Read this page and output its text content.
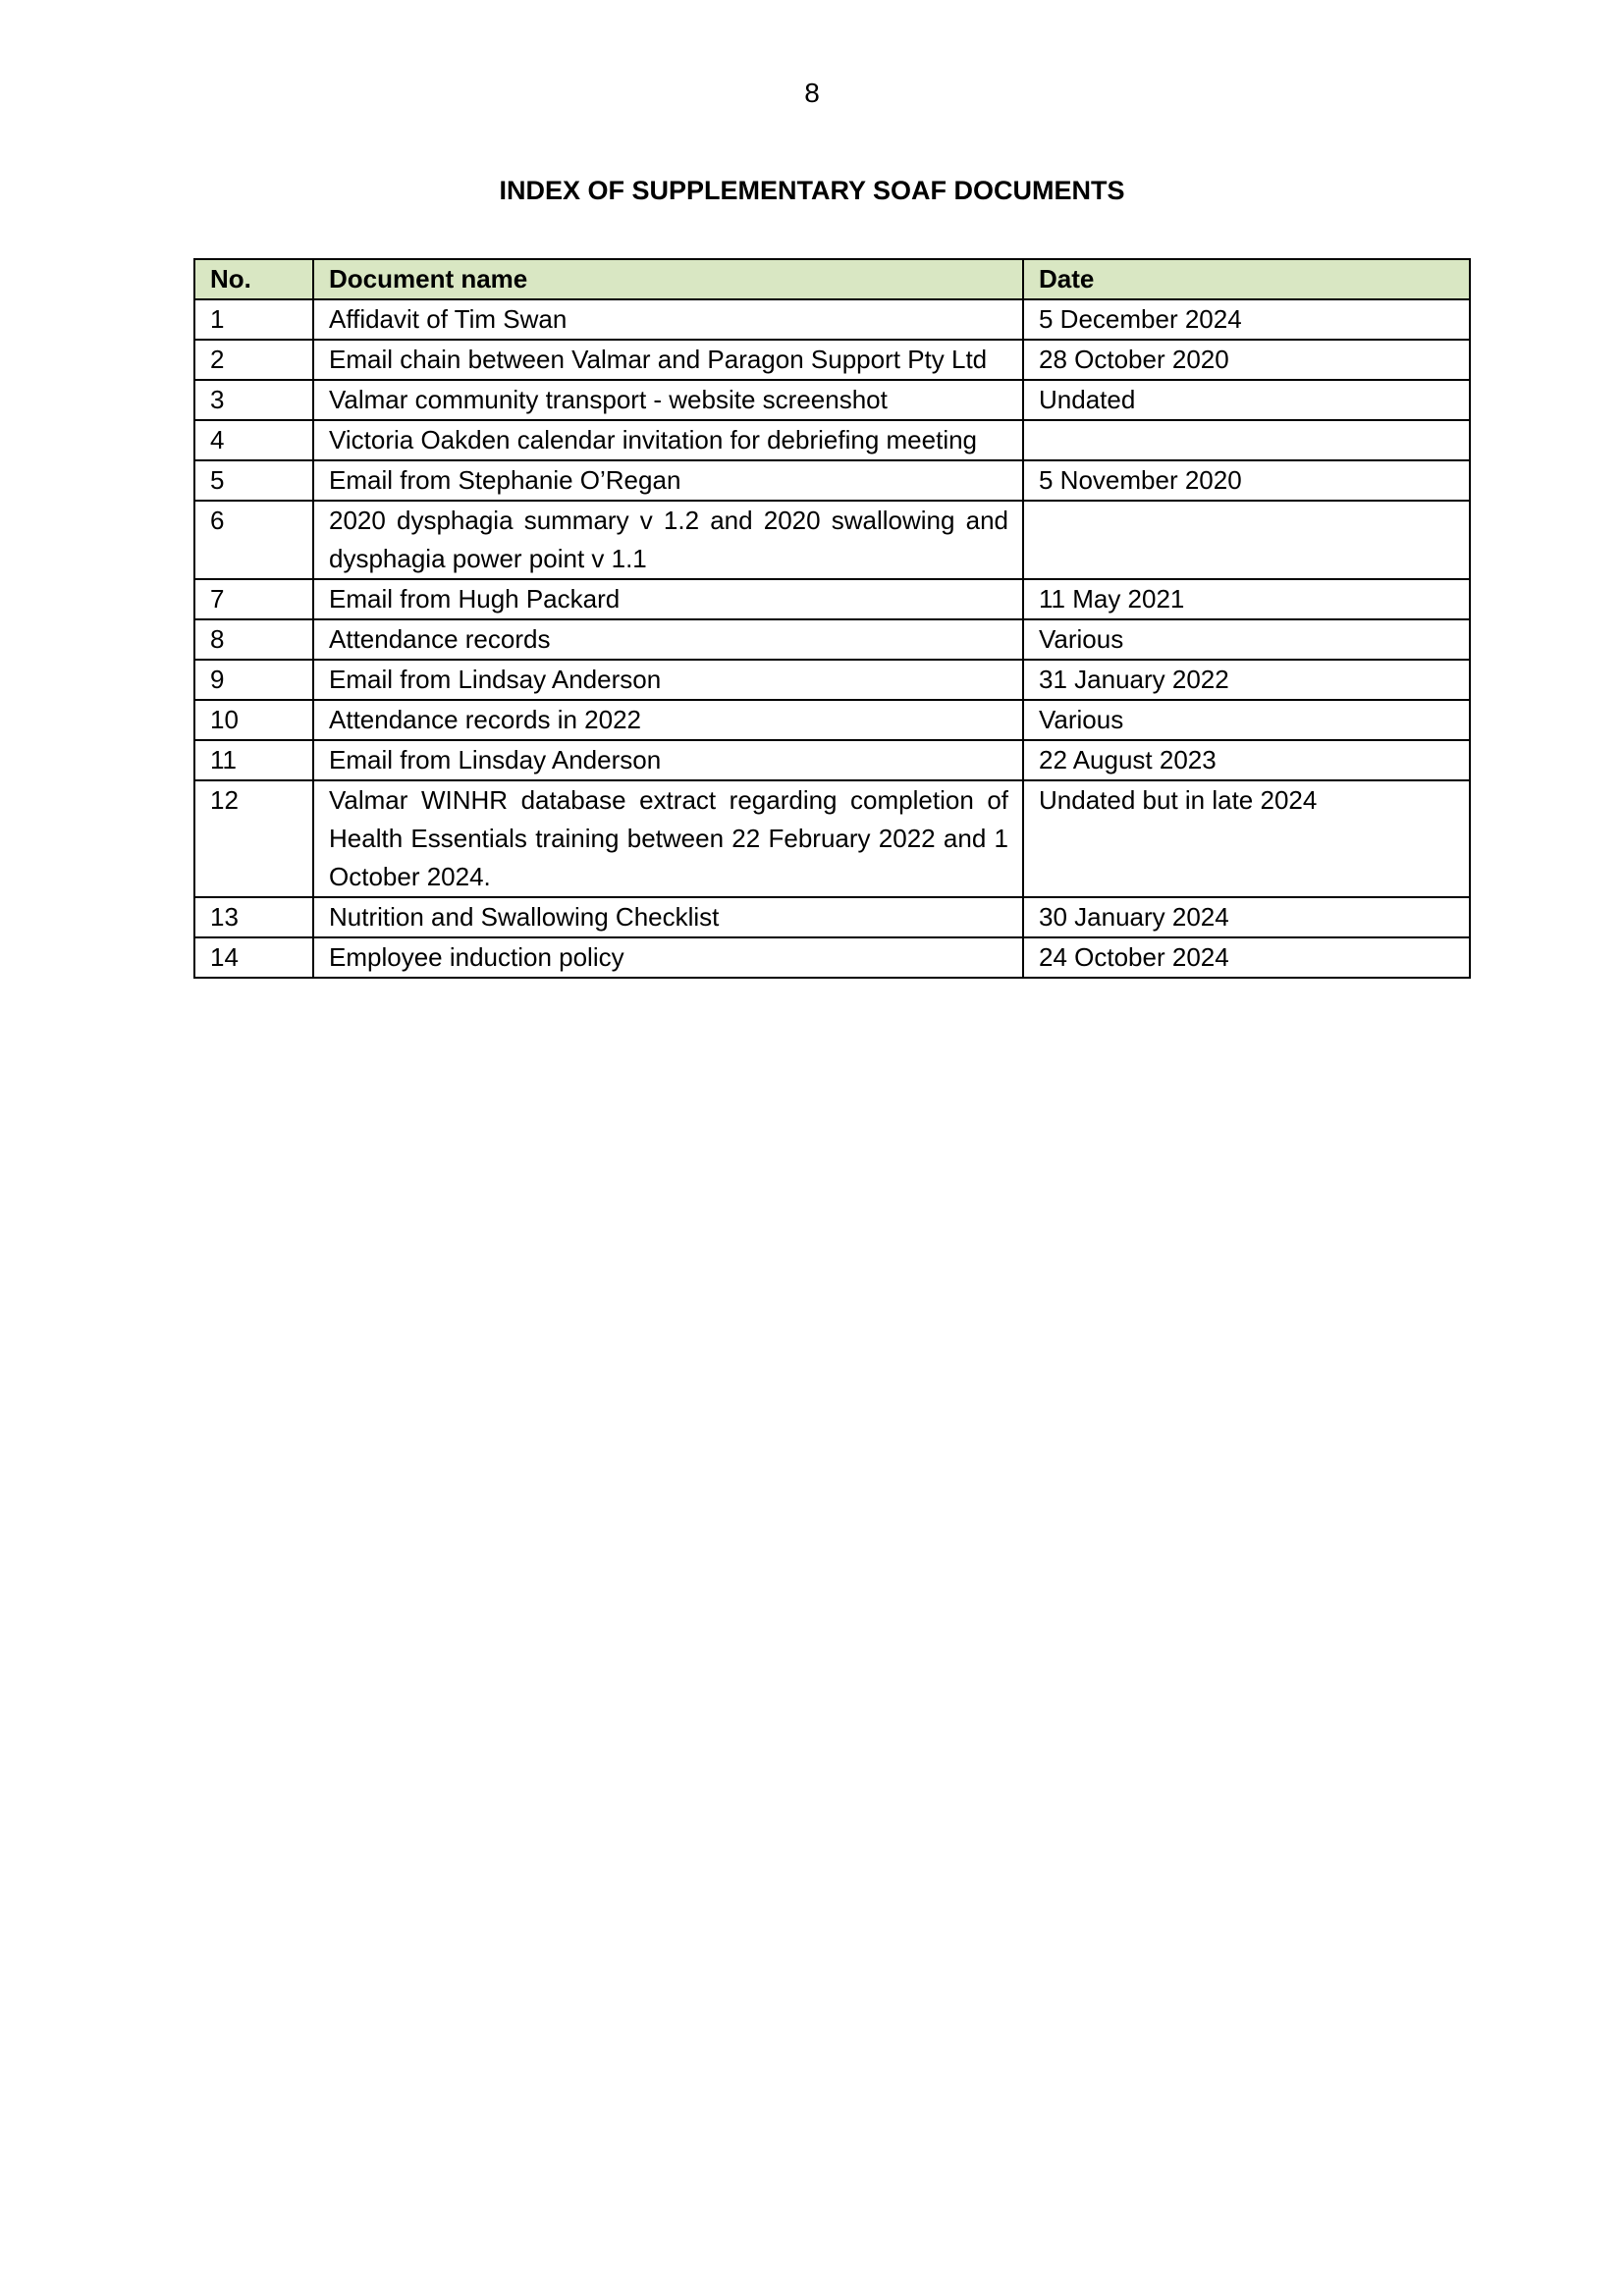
8
INDEX OF SUPPLEMENTARY SOAF DOCUMENTS
No.	Document name	Date
1	Affidavit of Tim Swan	5 December 2024
2	Email chain between Valmar and Paragon Support Pty Ltd	28 October 2020
3	Valmar community transport - website screenshot	Undated
4	Victoria Oakden calendar invitation for debriefing meeting	
5	Email from Stephanie O’Regan	5 November 2020
6	2020 dysphagia summary v 1.2 and 2020 swallowing and dysphagia power point v 1.1	
7	Email from Hugh Packard	11 May 2021
8	Attendance records	Various
9	Email from Lindsay Anderson	31 January 2022
10	Attendance records in 2022	Various
11	Email from Linsday Anderson	22 August 2023
12	Valmar WINHR database extract regarding completion of Health Essentials training between 22 February 2022 and 1 October 2024.	Undated but in late 2024
13	Nutrition and Swallowing Checklist	30 January 2024
14	Employee induction policy	24 October 2024
